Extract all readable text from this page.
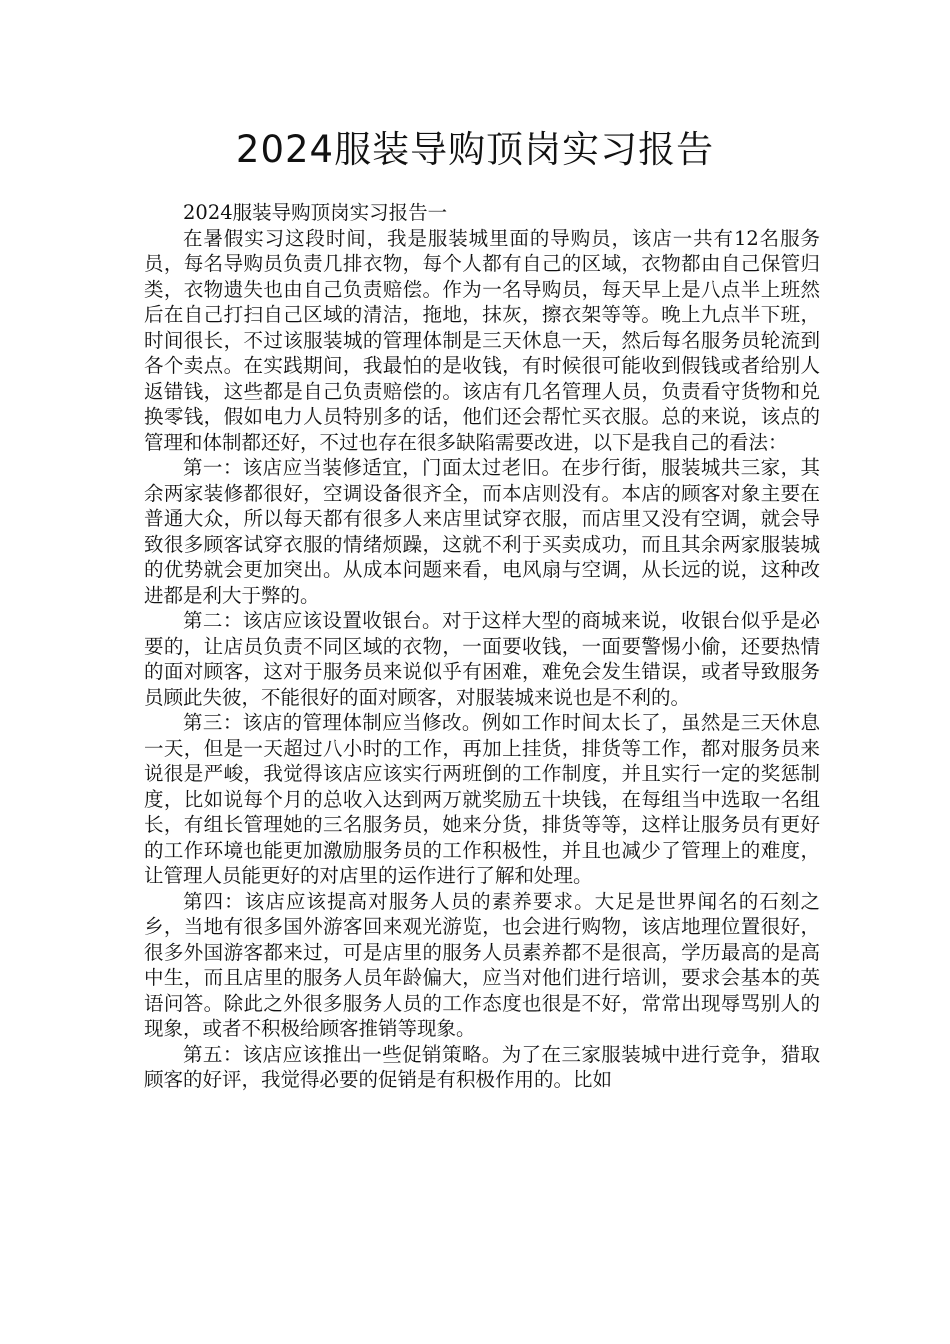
2024服装导购顶岗实习报告

2024服装导购顶岗实习报告一

在暑假实习这段时间，我是服装城里面的导购员，该店一共有12名服务员，每名导购员负责几排衣物，每个人都有自己的区域，衣物都由自己保管归类，衣物遗失也由自己负责赔偿。作为一名导购员，每天早上是八点半上班然后在自己打扫自己区域的清洁，拖地，抹灰，擦衣架等等。晚上九点半下班，时间很长，不过该服装城的管理体制是三天休息一天，然后每名服务员轮流到各个卖点。在实践期间，我最怕的是收钱，有时候很可能收到假钱或者给别人返错钱，这些都是自己负责赔偿的。该店有几名管理人员，负责看守货物和兑换零钱，假如电力人员特别多的话，他们还会帮忙买衣服。总的来说，该点的管理和体制都还好，不过也存在很多缺陷需要改进，以下是我自己的看法：

第一：该店应当装修适宜，门面太过老旧。在步行街，服装城共三家，其余两家装修都很好，空调设备很齐全，而本店则没有。本店的顾客对象主要在普通大众，所以每天都有很多人来店里试穿衣服，而店里又没有空调，就会导致很多顾客试穿衣服的情绪烦躁，这就不利于买卖成功，而且其余两家服装城的优势就会更加突出。从成本问题来看，电风扇与空调，从长远的说，这种改进都是利大于弊的。

第二：该店应该设置收银台。对于这样大型的商城来说，收银台似乎是必要的，让店员负责不同区域的衣物，一面要收钱，一面要警惕小偷，还要热情的面对顾客，这对于服务员来说似乎有困难，难免会发生错误，或者导致服务员顾此失彼，不能很好的面对顾客，对服装城来说也是不利的。

第三：该店的管理体制应当修改。例如工作时间太长了，虽然是三天休息一天，但是一天超过八小时的工作，再加上挂货，排货等工作，都对服务员来说很是严峻，我觉得该店应该实行两班倒的工作制度，并且实行一定的奖惩制度，比如说每个月的总收入达到两万就奖励五十块钱，在每组当中选取一名组长，有组长管理她的三名服务员，她来分货，排货等等，这样让服务员有更好的工作环境也能更加激励服务员的工作积极性，并且也减少了管理上的难度，让管理人员能更好的对店里的运作进行了解和处理。

第四：该店应该提高对服务人员的素养要求。大足是世界闻名的石刻之乡，当地有很多国外游客回来观光游览，也会进行购物，该店地理位置很好，很多外国游客都来过，可是店里的服务人员素养都不是很高，学历最高的是高中生，而且店里的服务人员年龄偏大，应当对他们进行培训，要求会基本的英语问答。除此之外很多服务人员的工作态度也很是不好，常常出现辱骂别人的现象，或者不积极给顾客推销等现象。

第五：该店应该推出一些促销策略。为了在三家服装城中进行竞争，猎取顾客的好评，我觉得必要的促销是有积极作用的。比如
